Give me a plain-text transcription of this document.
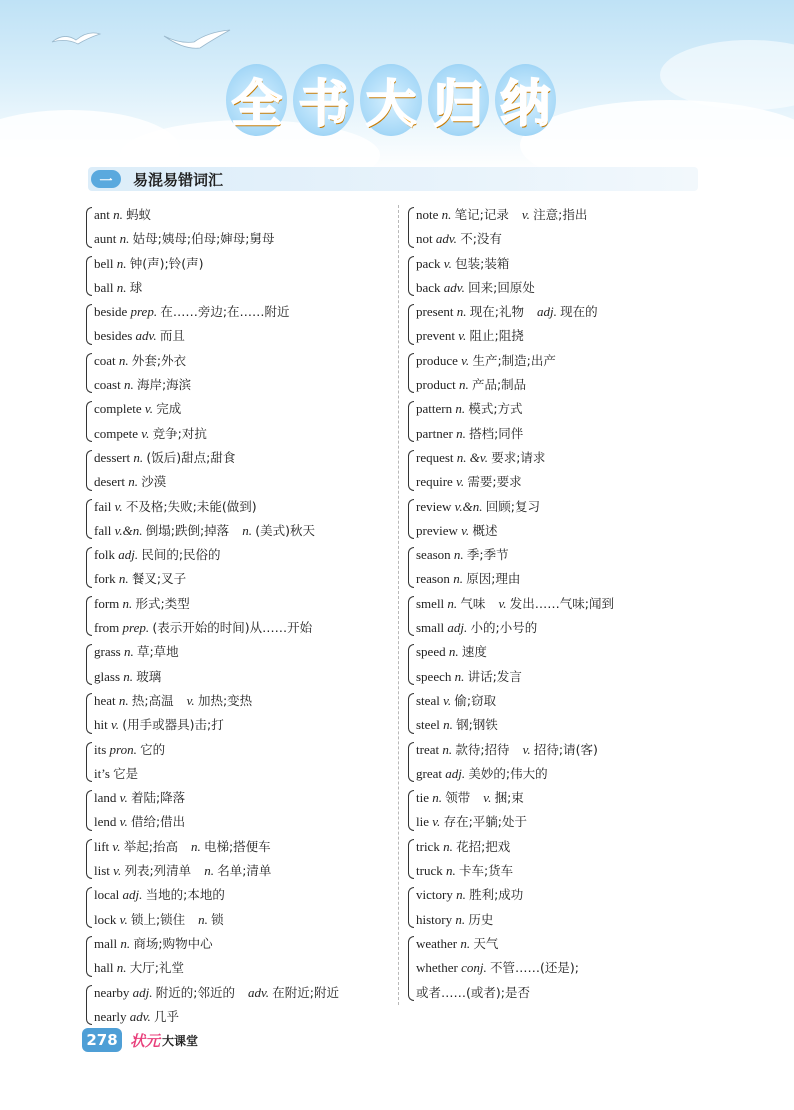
全 书 大 归 纳
一	易混易错词汇
ant n. 蚂蚁
aunt n. 姑母;姨母;伯母;婶母;舅母
bell n. 钟(声);铃(声)
ball n. 球
beside prep. 在……旁边;在……附近
besides adv. 而且
coat n. 外套;外衣
coast n. 海岸;海滨
complete v. 完成
compete v. 竞争;对抗
dessert n. (饭后)甜点;甜食
desert n. 沙漠
fail v. 不及格;失败;未能(做到)
fall v.&n. 倒塌;跌倒;掉落  n. (美式)秋天
folk adj. 民间的;民俗的
fork n. 餐叉;叉子
form n. 形式;类型
from prep. (表示开始的时间)从……开始
grass n. 草;草地
glass n. 玻璃
heat n. 热;高温  v. 加热;变热
hit v. (用手或器具)击;打
its pron. 它的
it’s 它是
land v. 着陆;降落
lend v. 借给;借出
lift v. 举起;抬高  n. 电梯;搭便车
list v. 列表;列清单  n. 名单;清单
local adj. 当地的;本地的
lock v. 锁上;锁住  n. 锁
mall n. 商场;购物中心
hall n. 大厅;礼堂
nearby adj. 附近的;邻近的  adv. 在附近;附近
nearly adv. 几乎
note n. 笔记;记录  v. 注意;指出
not adv. 不;没有
pack v. 包装;装箱
back adv. 回来;回原处
present n. 现在;礼物  adj. 现在的
prevent v. 阻止;阻挠
produce v. 生产;制造;出产
product n. 产品;制品
pattern n. 模式;方式
partner n. 搭档;同伴
request n. &v. 要求;请求
require v. 需要;要求
review v.&n. 回顾;复习
preview v. 概述
season n. 季;季节
reason n. 原因;理由
smell n. 气味  v. 发出……气味;闻到
small adj. 小的;小号的
speed n. 速度
speech n. 讲话;发言
steal v. 偷;窃取
steel n. 钢;钢铁
treat n. 款待;招待  v. 招待;请(客)
great adj. 美妙的;伟大的
tie n. 领带  v. 捆;束
lie v. 存在;平躺;处于
trick n. 花招;把戏
truck n. 卡车;货车
victory n. 胜利;成功
history n. 历史
weather n. 天气
whether conj. 不管……(还是);
或者……(或者);是否
278 状元 大课堂
